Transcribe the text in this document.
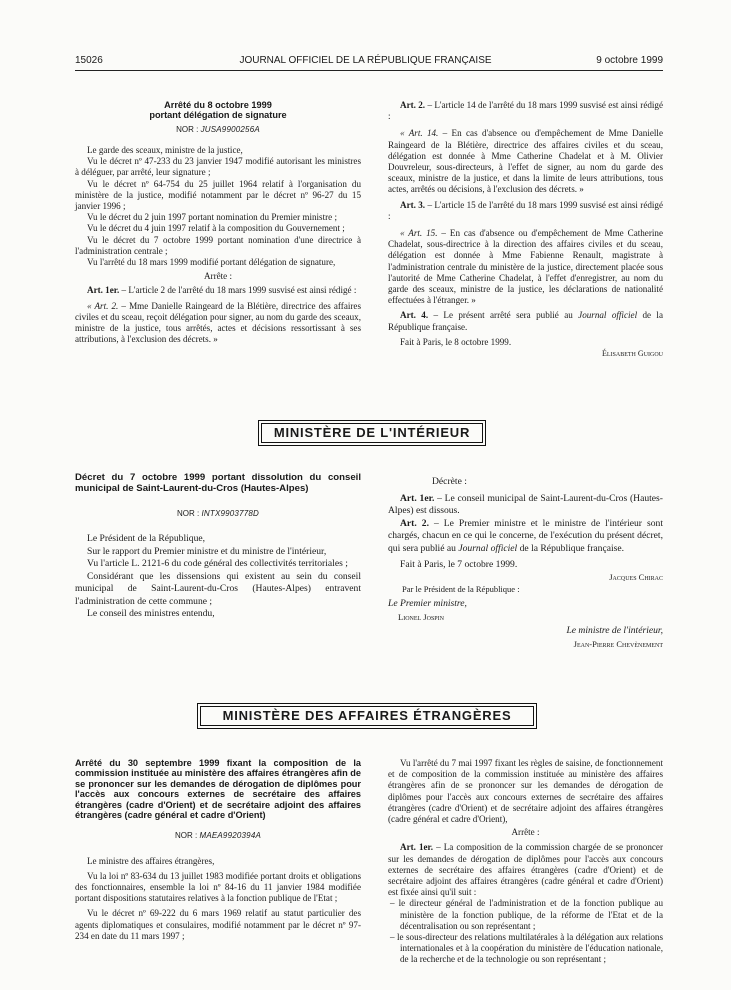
15026	JOURNAL OFFICIEL DE LA RÉPUBLIQUE FRANÇAISE	9 octobre 1999
Arrêté du 8 octobre 1999
portant délégation de signature
NOR : JUSA9900256A

Le garde des sceaux, ministre de la justice,

Vu le décret nº 47-233 du 23 janvier 1947 modifié autorisant les ministres à déléguer, par arrêté, leur signature ;

Vu le décret nº 64-754 du 25 juillet 1964 relatif à l'organisation du ministère de la justice, modifié notamment par le décret nº 96-27 du 15 janvier 1996 ;

Vu le décret du 2 juin 1997 portant nomination du Premier ministre ;

Vu le décret du 4 juin 1997 relatif à la composition du Gouvernement ;

Vu le décret du 7 octobre 1999 portant nomination d'une directrice à l'administration centrale ;

Vu l'arrêté du 18 mars 1999 modifié portant délégation de signature,

Arrête :

Art. 1er. – L'article 2 de l'arrêté du 18 mars 1999 susvisé est ainsi rédigé :

« Art. 2. – Mme Danielle Raingeard de la Blétière, directrice des affaires civiles et du sceau, reçoit délégation pour signer, au nom du garde des sceaux, ministre de la justice, tous arrêtés, actes et décisions ressortissant à ses attributions, à l'exclusion des décrets. »

Art. 2. – L'article 14 de l'arrêté du 18 mars 1999 susvisé est ainsi rédigé :

« Art. 14. – En cas d'absence ou d'empêchement de Mme Danielle Raingeard de la Blétière, directrice des affaires civiles et du sceau, délégation est donnée à Mme Catherine Chadelat et à M. Olivier Douvreleur, sous-directeurs, à l'effet de signer, au nom du garde des sceaux, ministre de la justice, et dans la limite de leurs attributions, tous actes, arrêtés ou décisions, à l'exclusion des décrets. »

Art. 3. – L'article 15 de l'arrêté du 18 mars 1999 susvisé est ainsi rédigé :

« Art. 15. – En cas d'absence ou d'empêchement de Mme Catherine Chadelat, sous-directrice à la direction des affaires civiles et du sceau, délégation est donnée à Mme Fabienne Renault, magistrate à l'administration centrale du ministère de la justice, directement placée sous l'autorité de Mme Catherine Chadelat, à l'effet d'enregistrer, au nom du garde des sceaux, ministre de la justice, les déclarations de nationalité effectuées à l'étranger. »

Art. 4. – Le présent arrêté sera publié au Journal officiel de la République française.

Fait à Paris, le 8 octobre 1999.

Élisabeth Guigou

MINISTÈRE DE L'INTÉRIEUR
Décret du 7 octobre 1999 portant dissolution du conseil municipal de Saint-Laurent-du-Cros (Hautes-Alpes)
NOR : INTX9903778D

Le Président de la République,

Sur le rapport du Premier ministre et du ministre de l'intérieur,

Vu l'article L. 2121-6 du code général des collectivités territoriales ;

Considérant que les dissensions qui existent au sein du conseil municipal de Saint-Laurent-du-Cros (Hautes-Alpes) entravent l'administration de cette commune ;

Le conseil des ministres entendu,

Décrète :

Art. 1er. – Le conseil municipal de Saint-Laurent-du-Cros (Hautes-Alpes) est dissous.

Art. 2. – Le Premier ministre et le ministre de l'intérieur sont chargés, chacun en ce qui le concerne, de l'exécution du présent décret, qui sera publié au Journal officiel de la République française.

Fait à Paris, le 7 octobre 1999.

Jacques Chirac

Par le Président de la République :

Le Premier ministre,

Lionel Jospin

Le ministre de l'intérieur,

Jean-Pierre Chevènement

MINISTÈRE DES AFFAIRES ÉTRANGÈRES
Arrêté du 30 septembre 1999 fixant la composition de la commission instituée au ministère des affaires étrangères afin de se prononcer sur les demandes de dérogation de diplômes pour l'accès aux concours externes de secrétaire des affaires étrangères (cadre d'Orient) et de secrétaire adjoint des affaires étrangères (cadre général et cadre d'Orient)
NOR : MAEA9920394A

Le ministre des affaires étrangères,

Vu la loi nº 83-634 du 13 juillet 1983 modifiée portant droits et obligations des fonctionnaires, ensemble la loi nº 84-16 du 11 janvier 1984 modifiée portant dispositions statutaires relatives à la fonction publique de l'Etat ;

Vu le décret nº 69-222 du 6 mars 1969 relatif au statut particulier des agents diplomatiques et consulaires, modifié notamment par le décret nº 97-234 en date du 11 mars 1997 ;

Vu l'arrêté du 7 mai 1997 fixant les règles de saisine, de fonctionnement et de composition de la commission instituée au ministère des affaires étrangères afin de se prononcer sur les demandes de dérogation de diplômes pour l'accès aux concours externes de secrétaire des affaires étrangères (cadre d'Orient) et de secrétaire adjoint des affaires étrangères (cadre général et cadre d'Orient),

Arrête :

Art. 1er. – La composition de la commission chargée de se prononcer sur les demandes de dérogation de diplômes pour l'accès aux concours externes de secrétaire des affaires étrangères (cadre d'Orient) et de secrétaire adjoint des affaires étrangères (cadre général et cadre d'Orient) est fixée ainsi qu'il suit :

– le directeur général de l'administration et de la fonction publique au ministère de la fonction publique, de la réforme de l'Etat et de la décentralisation ou son représentant ;

– le sous-directeur des relations multilatérales à la délégation aux relations internationales et à la coopération du ministère de l'éducation nationale, de la recherche et de la technologie ou son représentant ;
